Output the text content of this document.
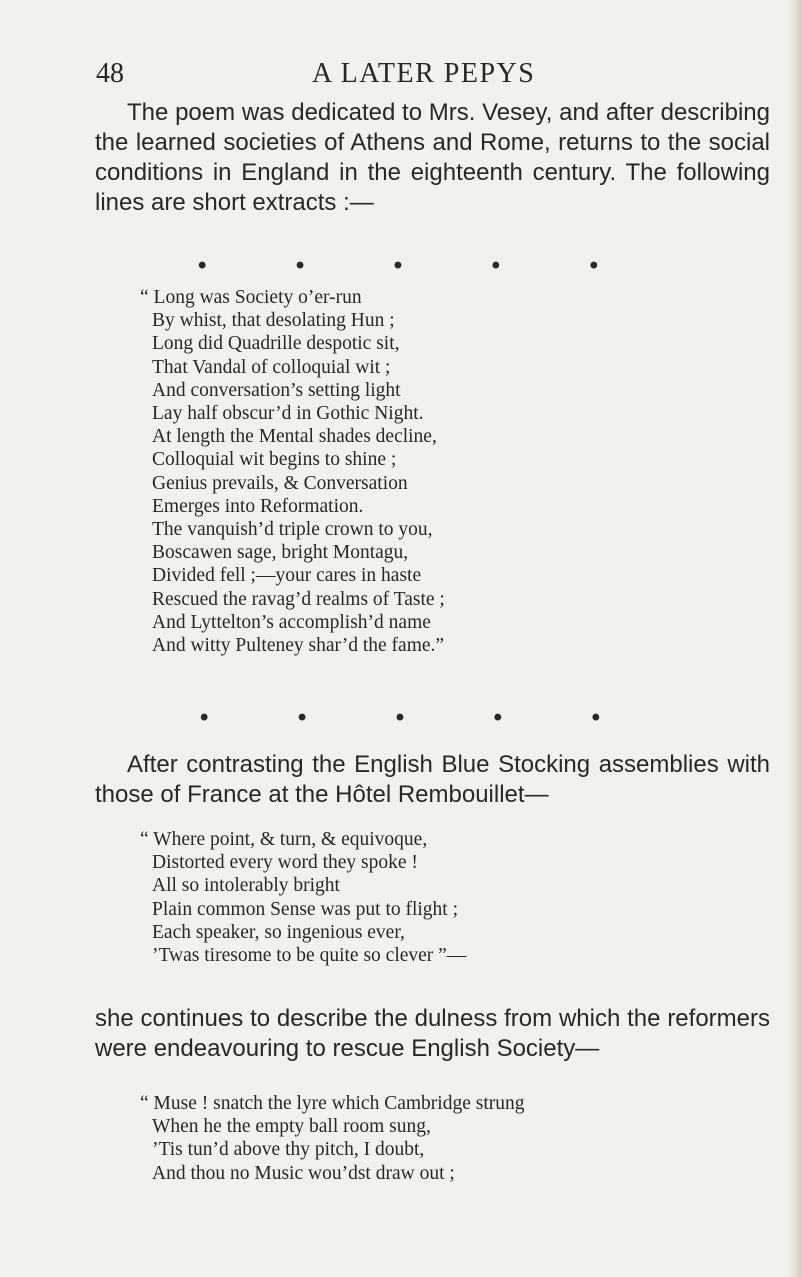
48	A LATER PEPYS

The poem was dedicated to Mrs. Vesey, and after describing the learned societies of Athens and Rome, returns to the social conditions in England in the eighteenth century. The following lines are short extracts :—

•	•	•	•	•
“ Long was Society o’er-run
By whist, that desolating Hun ;
Long did Quadrille despotic sit,
That Vandal of colloquial wit ;
And conversation’s setting light
Lay half obscur’d in Gothic Night.
At length the Mental shades decline,
Colloquial wit begins to shine ;
Genius prevails, & Conversation
Emerges into Reformation.
The vanquish’d triple crown to you,
Boscawen sage, bright Montagu,
Divided fell ;—your cares in haste
Rescued the ravag’d realms of Taste ;
And Lyttelton’s accomplish’d name
And witty Pulteney shar’d the fame.”
•	•	•	•	•

After contrasting the English Blue Stocking assemblies with those of France at the Hôtel Rembouillet—

“ Where point, & turn, & equivoque,
Distorted every word they spoke !
All so intolerably bright
Plain common Sense was put to flight ;
Each speaker, so ingenious ever,
’Twas tiresome to be quite so clever ”—

she continues to describe the dulness from which the reformers were endeavouring to rescue English Society—

“ Muse ! snatch the lyre which Cambridge strung
When he the empty ball room sung,
’Tis tun’d above thy pitch, I doubt,
And thou no Music wou’dst draw out ;
